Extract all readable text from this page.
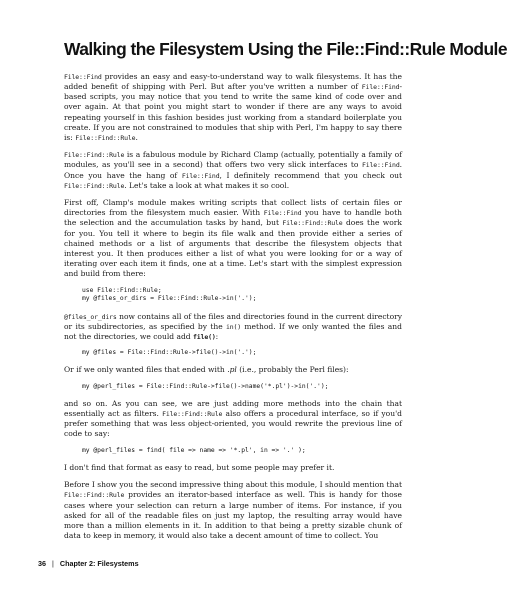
Walking the Filesystem Using the File::Find::Rule Module

File::Find provides an easy and easy-to-understand way to walk filesystems. It has the added benefit of shipping with Perl. But after you've written a number of File::Find-based scripts, you may notice that you tend to write the same kind of code over and over again. At that point you might start to wonder if there are any ways to avoid repeating yourself in this fashion besides just working from a standard boilerplate you create. If you are not constrained to modules that ship with Perl, I'm happy to say there is: File::Find::Rule.

File::Find::Rule is a fabulous module by Richard Clamp (actually, potentially a family of modules, as you'll see in a second) that offers two very slick interfaces to File::Find. Once you have the hang of File::Find, I definitely recommend that you check out File::Find::Rule. Let's take a look at what makes it so cool.

First off, Clamp's module makes writing scripts that collect lists of certain files or directories from the filesystem much easier. With File::Find you have to handle both the selection and the accumulation tasks by hand, but File::Find::Rule does the work for you. You tell it where to begin its file walk and then provide either a series of chained methods or a list of arguments that describe the filesystem objects that interest you. It then produces either a list of what you were looking for or a way of iterating over each item it finds, one at a time. Let's start with the simplest expression and build from there:

use File::Find::Rule;
my @files_or_dirs = File::Find::Rule->in('.');

@files_or_dirs now contains all of the files and directories found in the current directory or its subdirectories, as specified by the in() method. If we only wanted the files and not the directories, we could add file():

my @files = File::Find::Rule->file()->in('.');

Or if we only wanted files that ended with .pl (i.e., probably the Perl files):

my @perl_files = File::Find::Rule->file()->name('*.pl')->in('.');

and so on. As you can see, we are just adding more methods into the chain that essentially act as filters. File::Find::Rule also offers a procedural interface, so if you'd prefer something that was less object-oriented, you would rewrite the previous line of code to say:

my @perl_files = find( file => name => '*.pl', in => '.' );

I don't find that format as easy to read, but some people may prefer it.

Before I show you the second impressive thing about this module, I should mention that File::Find::Rule provides an iterator-based interface as well. This is handy for those cases where your selection can return a large number of items. For instance, if you asked for all of the readable files on just my laptop, the resulting array would have more than a million elements in it. In addition to that being a pretty sizable chunk of data to keep in memory, it would also take a decent amount of time to collect. You

36 | Chapter 2: Filesystems
